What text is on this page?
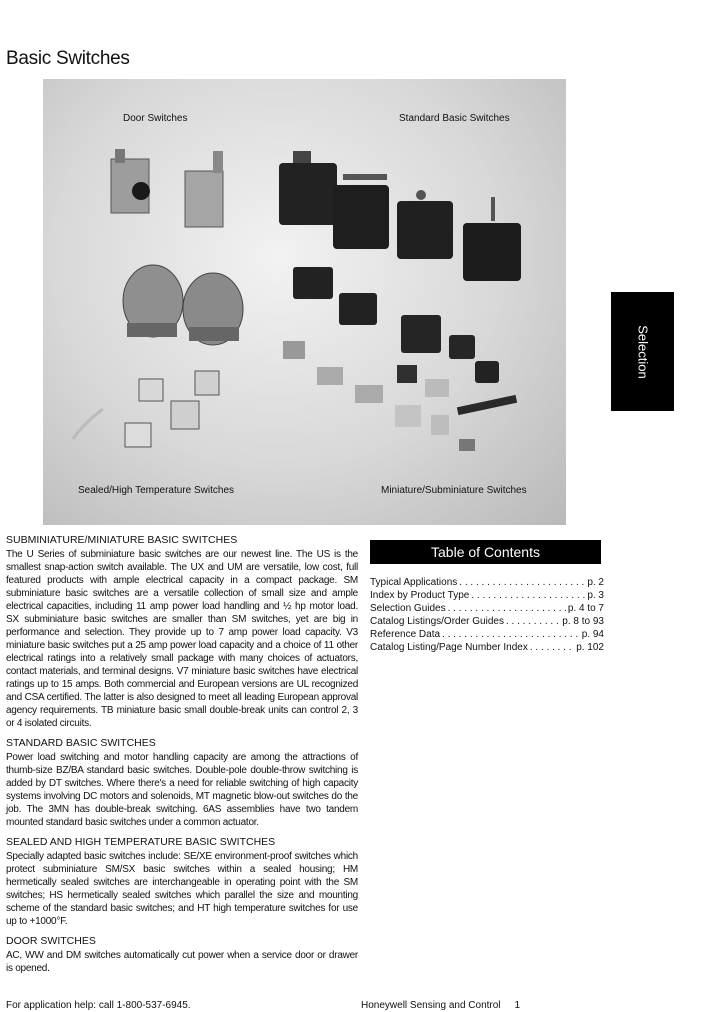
Basic Switches
Door Switches	Standard Basic Switches
Sealed/High Temperature Switches	Miniature/Subminiature Switches
Selection
SUBMINIATURE/MINIATURE BASIC SWITCHES
The U Series of subminiature basic switches are our newest line. The US is the smallest snap-action switch available. The UX and UM are versatile, low cost, full featured products with ample electrical capacity in a compact package. SM subminiature basic switches are a versatile collection of small size and ample electrical capacities, including 11 amp power load handling and ½ hp motor load. SX subminiature basic switches are smaller than SM switches, yet are big in performance and selection. They provide up to 7 amp power load capacity. V3 miniature basic switches put a 25 amp power load capacity and a choice of 11 other electrical ratings into a relatively small package with many choices of actuators, contact materials, and terminal designs. V7 miniature basic switches have electrical ratings up to 15 amps. Both commercial and European versions are UL recognized and CSA certified. The latter is also designed to meet all leading European approval agency requirements. TB miniature basic small double-break units can control 2, 3 or 4 isolated circuits.
STANDARD BASIC SWITCHES
Power load switching and motor handling capacity are among the attractions of thumb-size BZ/BA standard basic switches. Double-pole double-throw switching is added by DT switches. Where there's a need for reliable switching of high capacity systems involving DC motors and solenoids, MT magnetic blow-out switches do the job. The 3MN has double-break switching. 6AS assemblies have two tandem mounted standard basic switches under a common actuator.
SEALED AND HIGH TEMPERATURE BASIC SWITCHES
Specially adapted basic switches include: SE/XE environment-proof switches which protect subminiature SM/SX basic switches within a sealed housing; HM hermetically sealed switches are interchangeable in operating point with the SM switches; HS hermetically sealed switches which parallel the size and mounting scheme of the standard basic switches; and HT high temperature switches for use up to +1000°F.
DOOR SWITCHES
AC, WW and DM switches automatically cut power when a service door or drawer is opened.
Table of Contents
Typical Applications . . .	p. 2
Index by Product Type . . .	p. 3
Selection Guides . . .	p. 4 to 7
Catalog Listings/Order Guides . . .	p. 8 to 93
Reference Data . . .	p. 94
Catalog Listing/Page Number Index . . .	p. 102
For application help: call 1-800-537-6945.	Honeywell Sensing and Control 1
